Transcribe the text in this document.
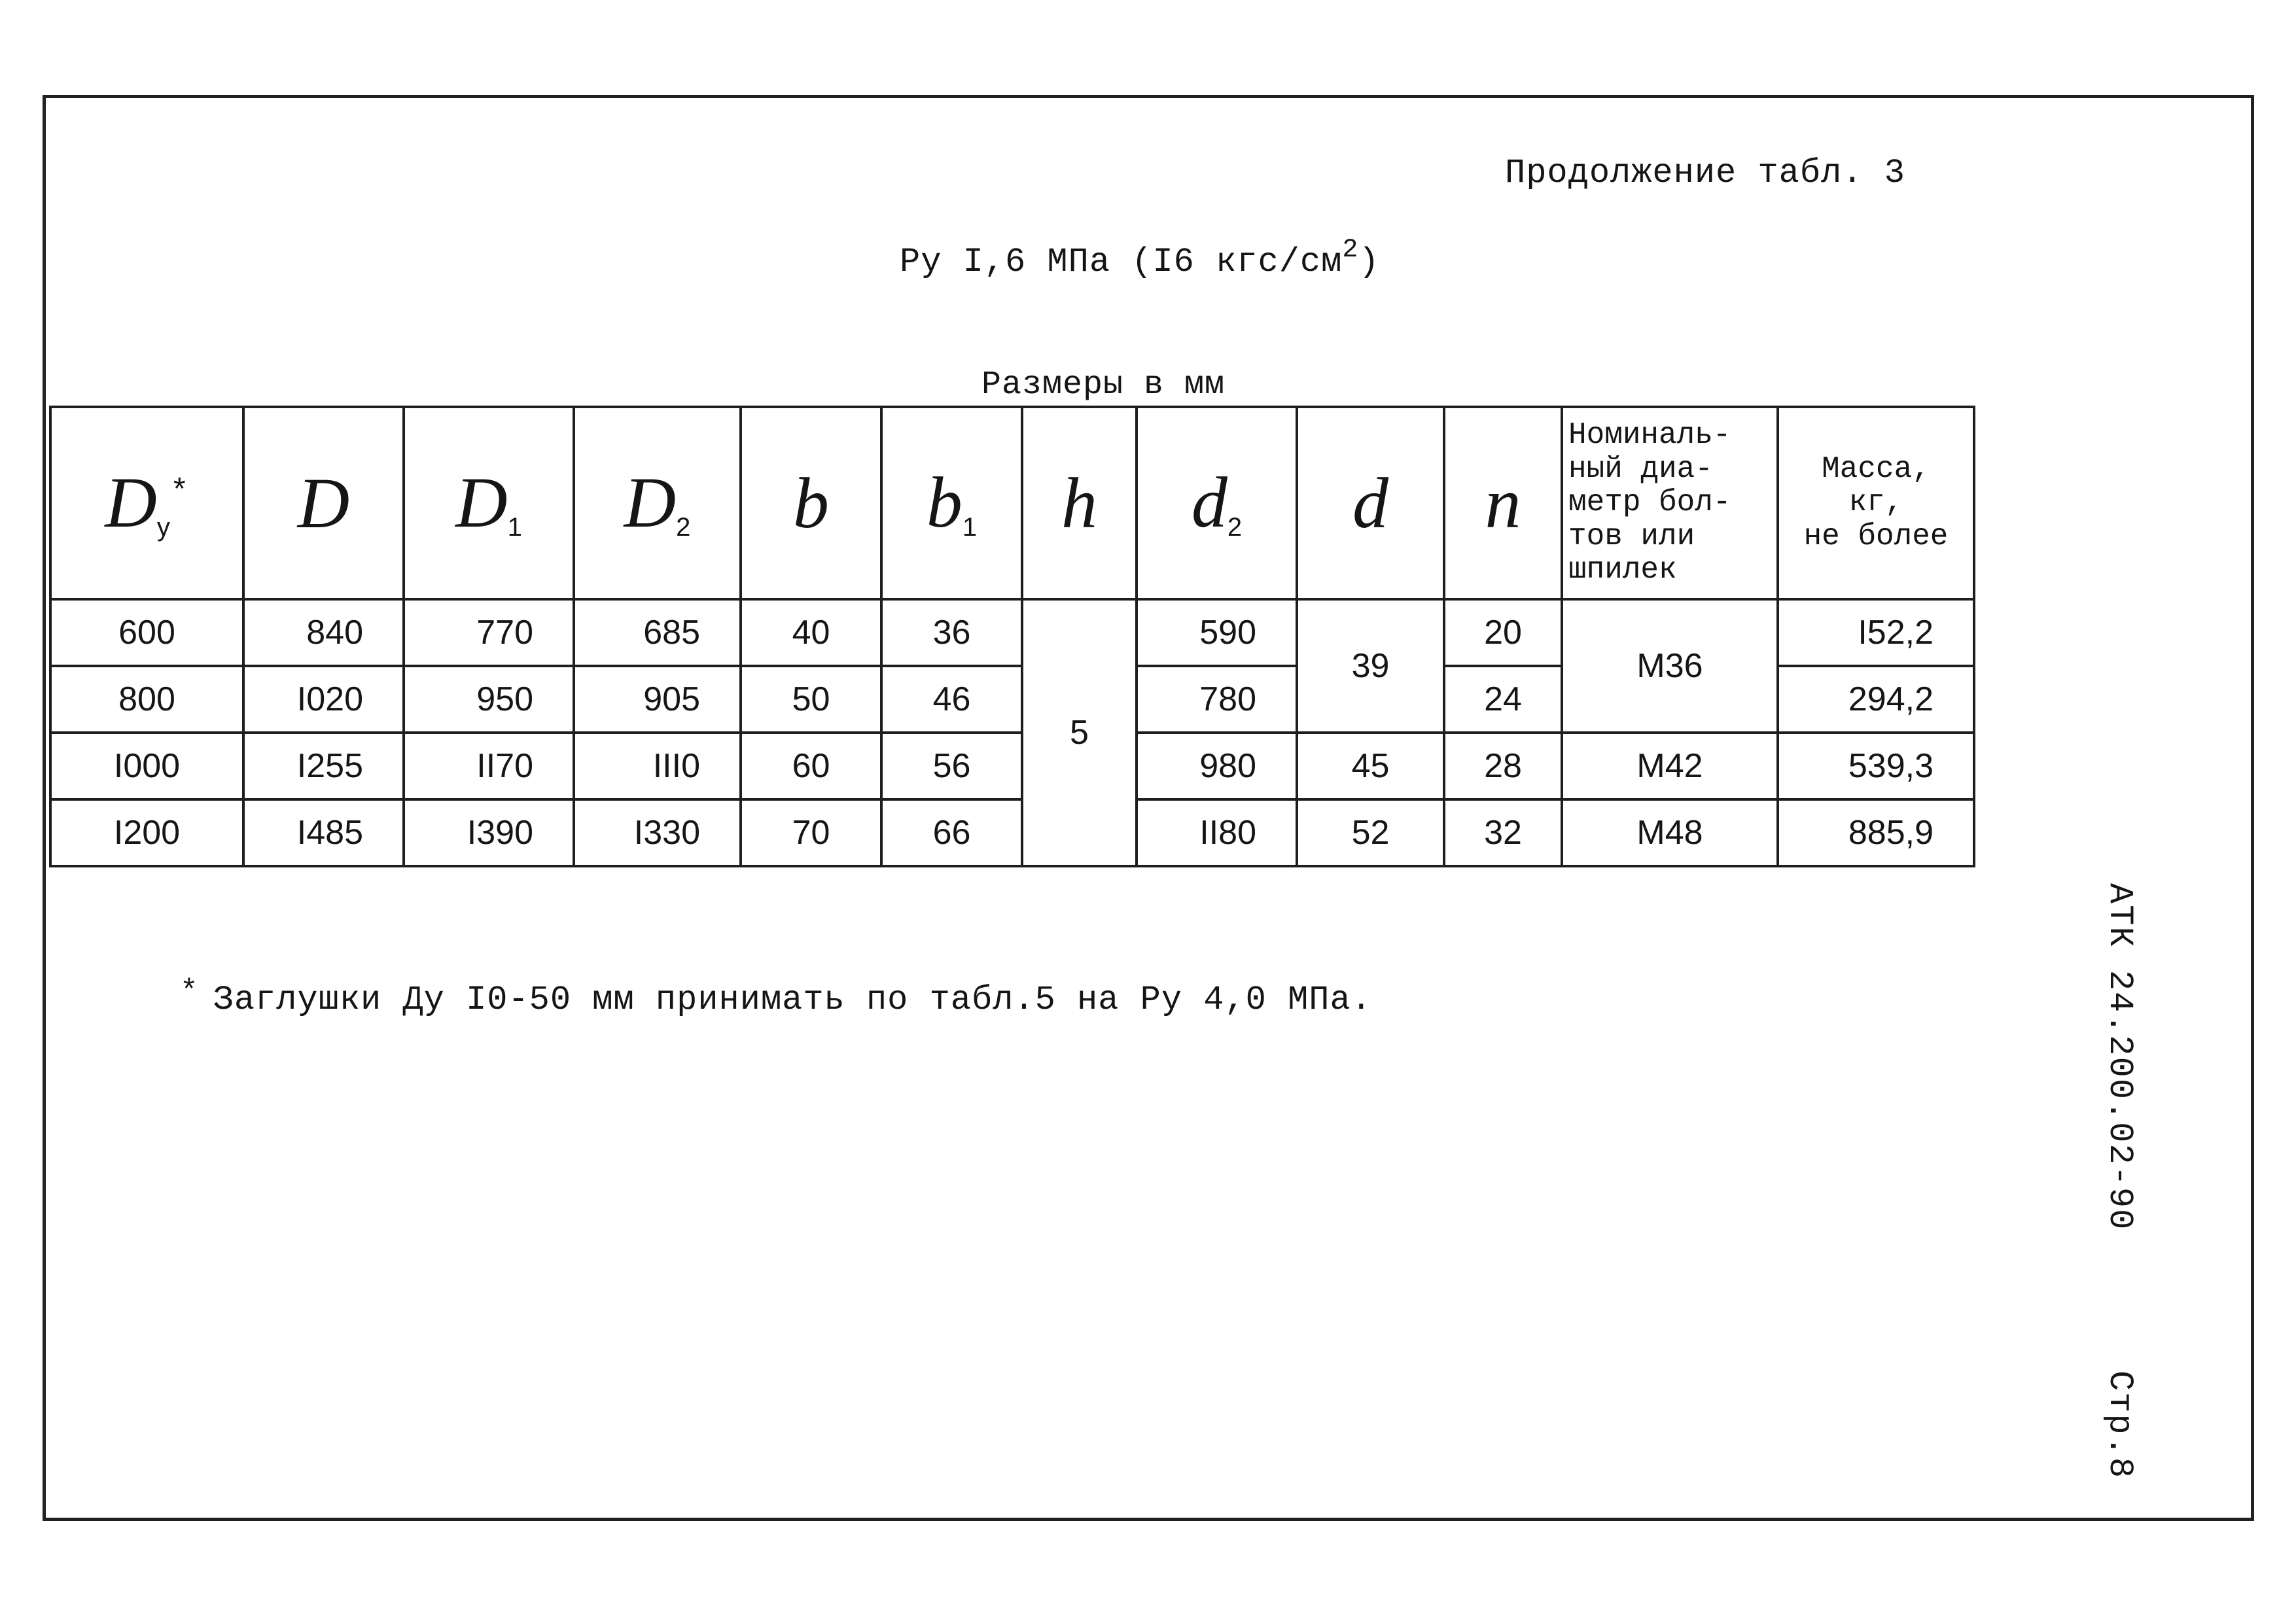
Продолжение табл. 3
Ру I,6 МПа (I6 кгс/$см^2$)
Размеры в мм
$D_у^*$	D	$D_1$	$D_2$	b	$b_1$	h	$d_2$	d	n	Номиналь-
ный диа-
метр бол-
тов или
шпилек	Масса,
кг,
не более

600	840	770	685	40	36	5	590	39	20	М36	I52,2
800	I020	950	905	50	46		780		24		294,2
I000	I255	II70	III0	60	56		980	45	28	М42	539,3
I200	I485	I390	I330	70	66		II80	52	32	М48	885,9
* Заглушки Ду I0-50 мм принимать по табл.5 на Ру 4,0 МПа.	АТК 24.200.02-90
Стр.8
